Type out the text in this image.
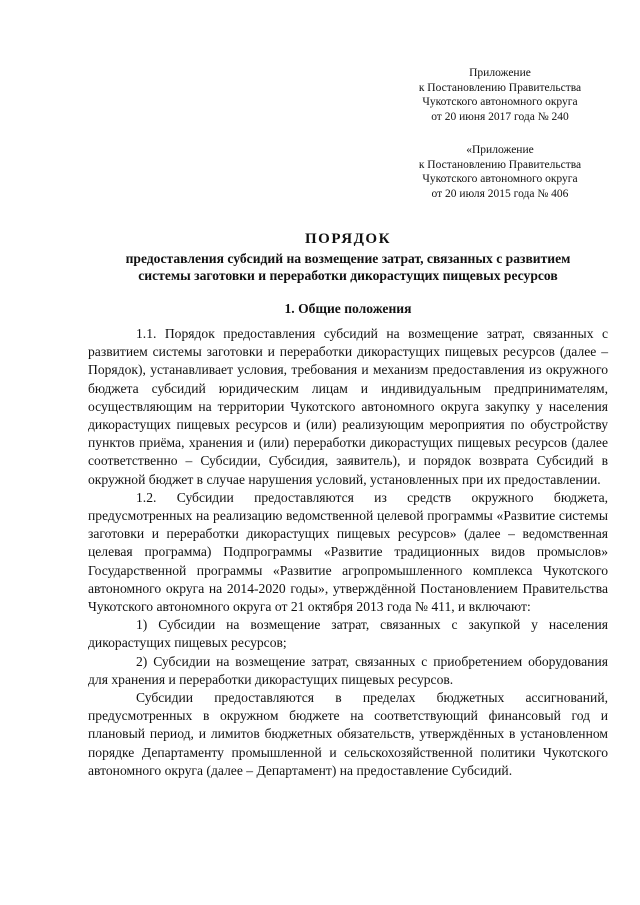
Приложение
к Постановлению Правительства
Чукотского автономного округа
от 20 июня 2017 года № 240
«Приложение
к Постановлению Правительства
Чукотского автономного округа
от 20 июля 2015 года № 406
ПОРЯДОК
предоставления субсидий на возмещение затрат, связанных с развитием
системы заготовки и переработки дикорастущих пищевых ресурсов
1. Общие положения

1.1. Порядок предоставления субсидий на возмещение затрат, связанных с развитием системы заготовки и переработки дикорастущих пищевых ресурсов (далее – Порядок), устанавливает условия, требования и механизм предоставления из окружного бюджета субсидий юридическим лицам и индивидуальным предпринимателям, осуществляющим на территории Чукотского автономного округа закупку у населения дикорастущих пищевых ресурсов и (или) реализующим мероприятия по обустройству пунктов приёма, хранения и (или) переработки дикорастущих пищевых ресурсов (далее соответственно – Субсидии, Субсидия, заявитель), и порядок возврата Субсидий в окружной бюджет в случае нарушения условий, установленных при их предоставлении.

1.2. Субсидии предоставляются из средств окружного бюджета, предусмотренных на реализацию ведомственной целевой программы «Развитие системы заготовки и переработки дикорастущих пищевых ресурсов» (далее – ведомственная целевая программа) Подпрограммы «Развитие традиционных видов промыслов» Государственной программы «Развитие агропромышленного комплекса Чукотского автономного округа на 2014-2020 годы», утверждённой Постановлением Правительства Чукотского автономного округа от 21 октября 2013 года № 411, и включают:

1) Субсидии на возмещение затрат, связанных с закупкой у населения дикорастущих пищевых ресурсов;

2) Субсидии на возмещение затрат, связанных с приобретением оборудования для хранения и переработки дикорастущих пищевых ресурсов.

Субсидии предоставляются в пределах бюджетных ассигнований, предусмотренных в окружном бюджете на соответствующий финансовый год и плановый период, и лимитов бюджетных обязательств, утверждённых в установленном порядке Департаменту промышленной и сельскохозяйственной политики Чукотского автономного округа (далее – Департамент) на предоставление Субсидий.
